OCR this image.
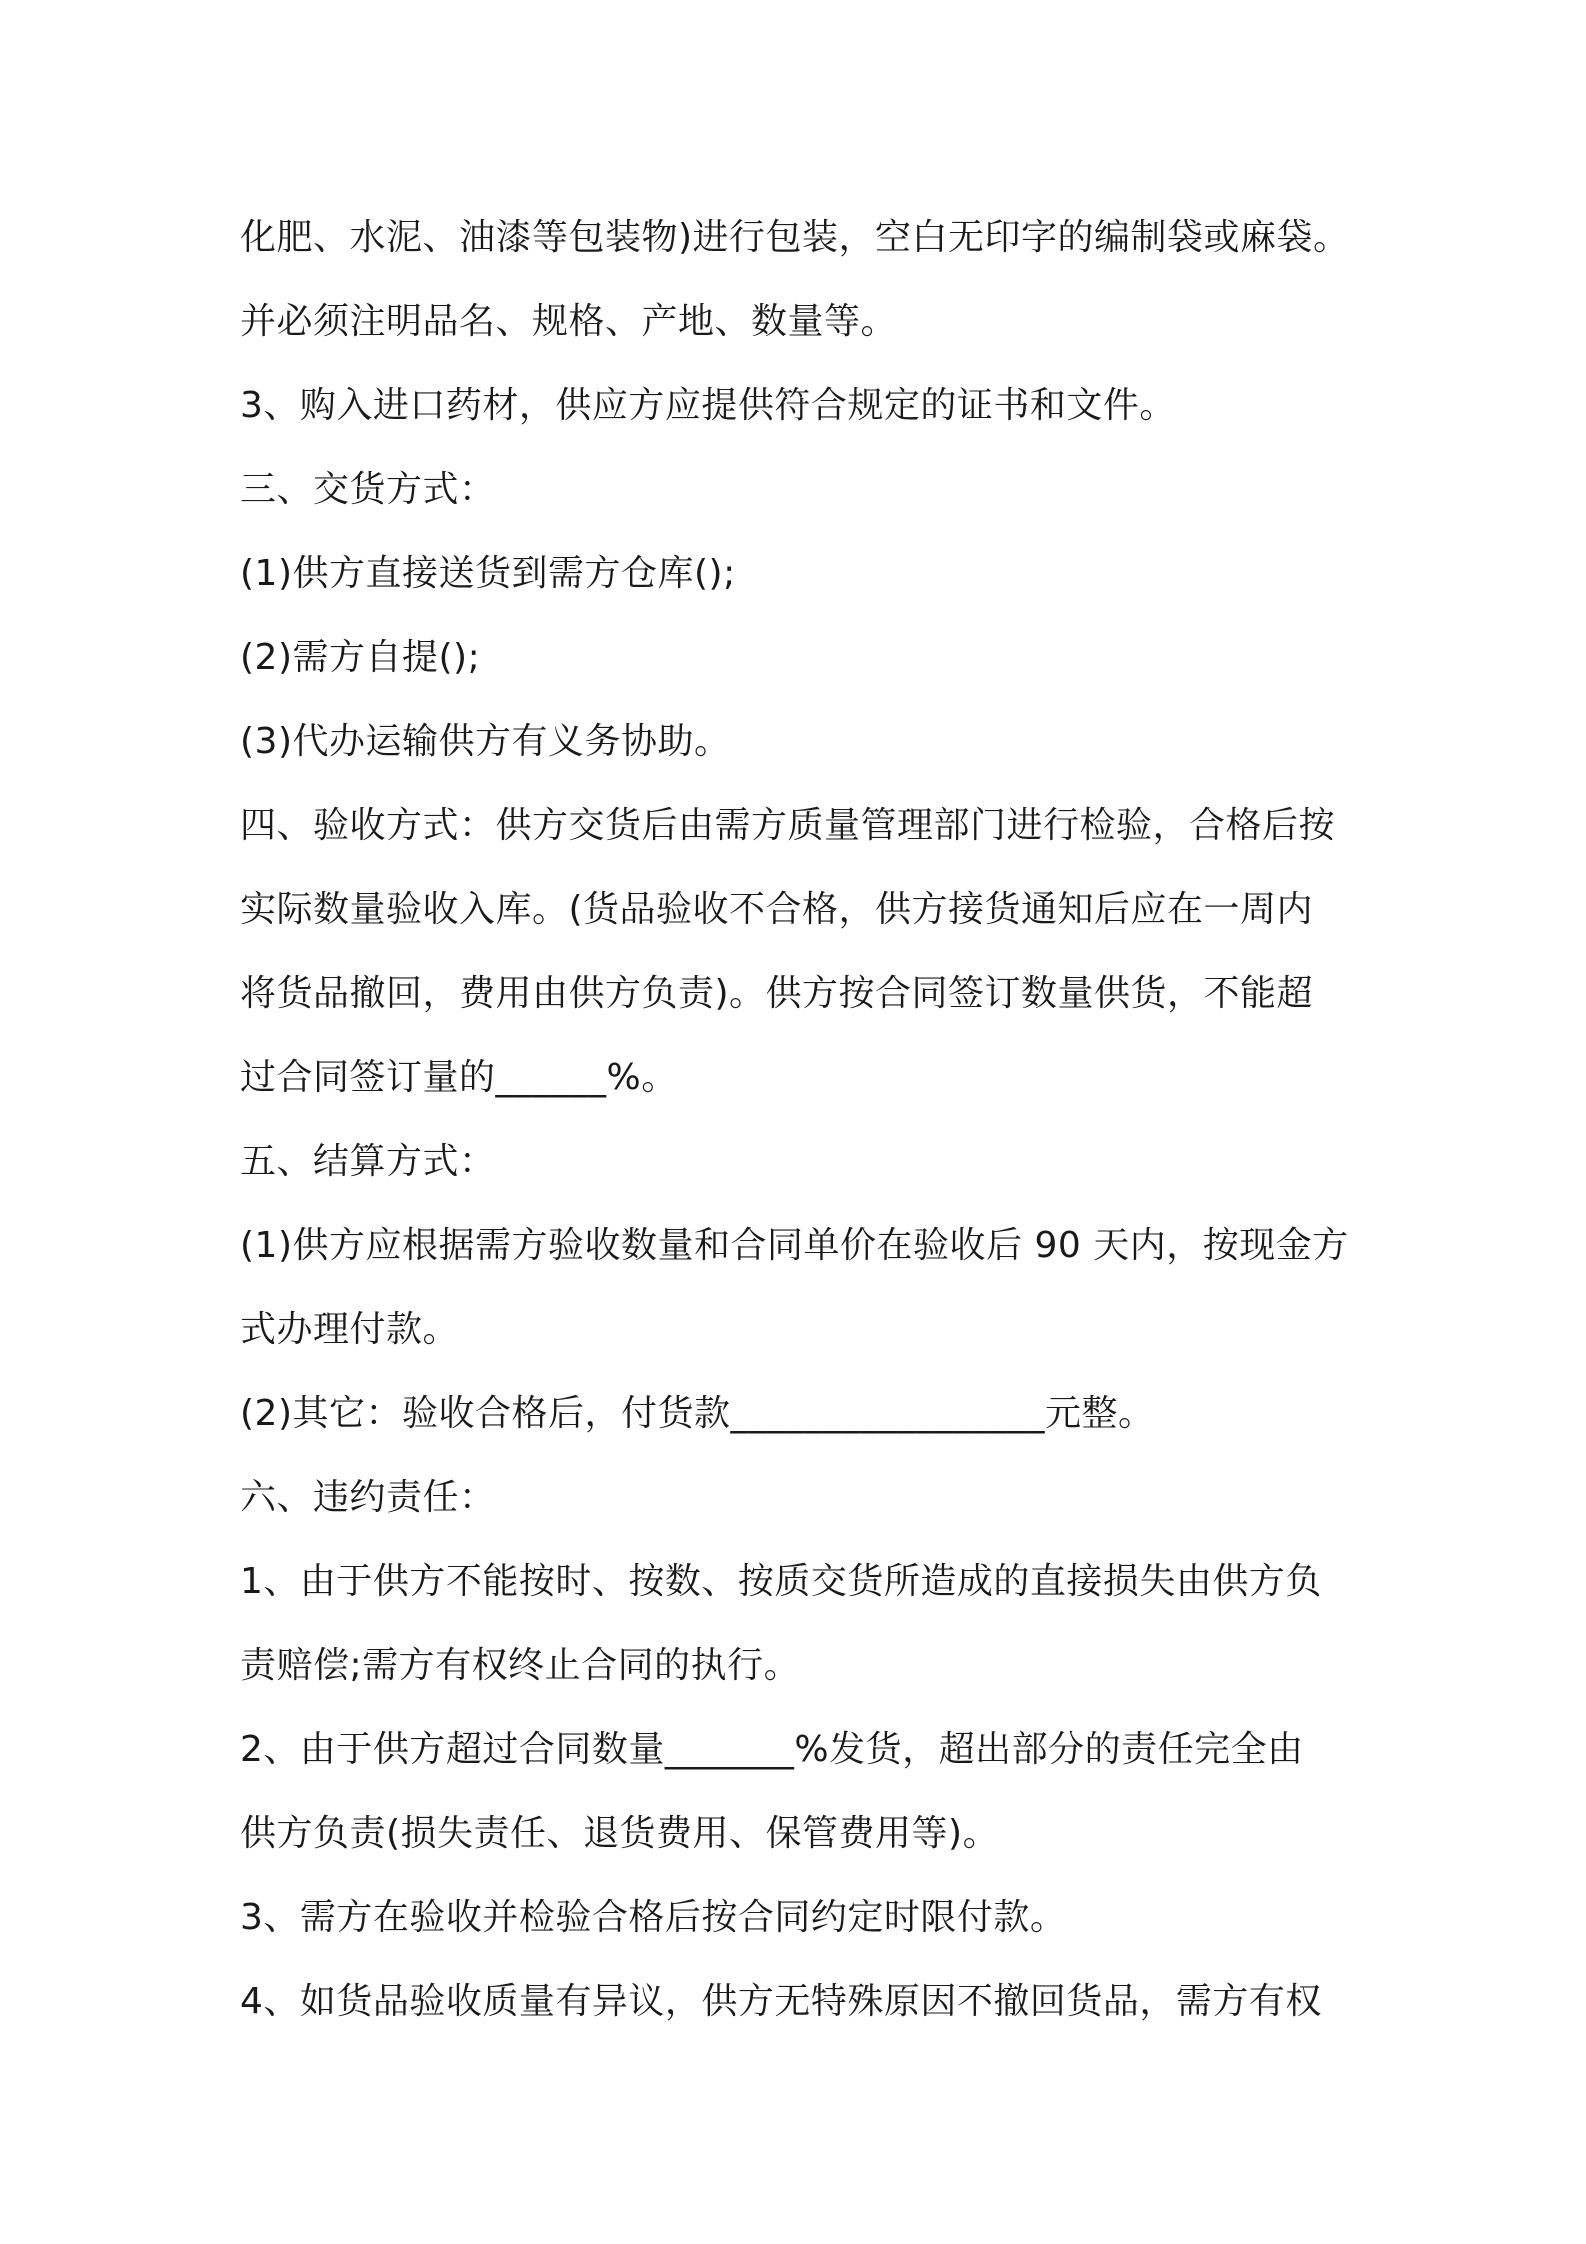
化肥、水泥、油漆等包装物)进行包装，空白无印字的编制袋或麻袋。
并必须注明品名、规格、产地、数量等。
3、购入进口药材，供应方应提供符合规定的证书和文件。
三、交货方式：
(1)供方直接送货到需方仓库();
(2)需方自提();
(3)代办运输供方有义务协助。
四、验收方式：供方交货后由需方质量管理部门进行检验，合格后按
实际数量验收入库。(货品验收不合格，供方接货通知后应在一周内
将货品撤回，费用由供方负责)。供方按合同签订数量供货，不能超
过合同签订量的______%。
五、结算方式：
(1)供方应根据需方验收数量和合同单价在验收后 90 天内，按现金方
式办理付款。
(2)其它：验收合格后，付货款_________________元整。
六、违约责任：
1、由于供方不能按时、按数、按质交货所造成的直接损失由供方负
责赔偿;需方有权终止合同的执行。
2、由于供方超过合同数量_______%发货，超出部分的责任完全由
供方负责(损失责任、退货费用、保管费用等)。
3、需方在验收并检验合格后按合同约定时限付款。
4、如货品验收质量有异议，供方无特殊原因不撤回货品，需方有权
